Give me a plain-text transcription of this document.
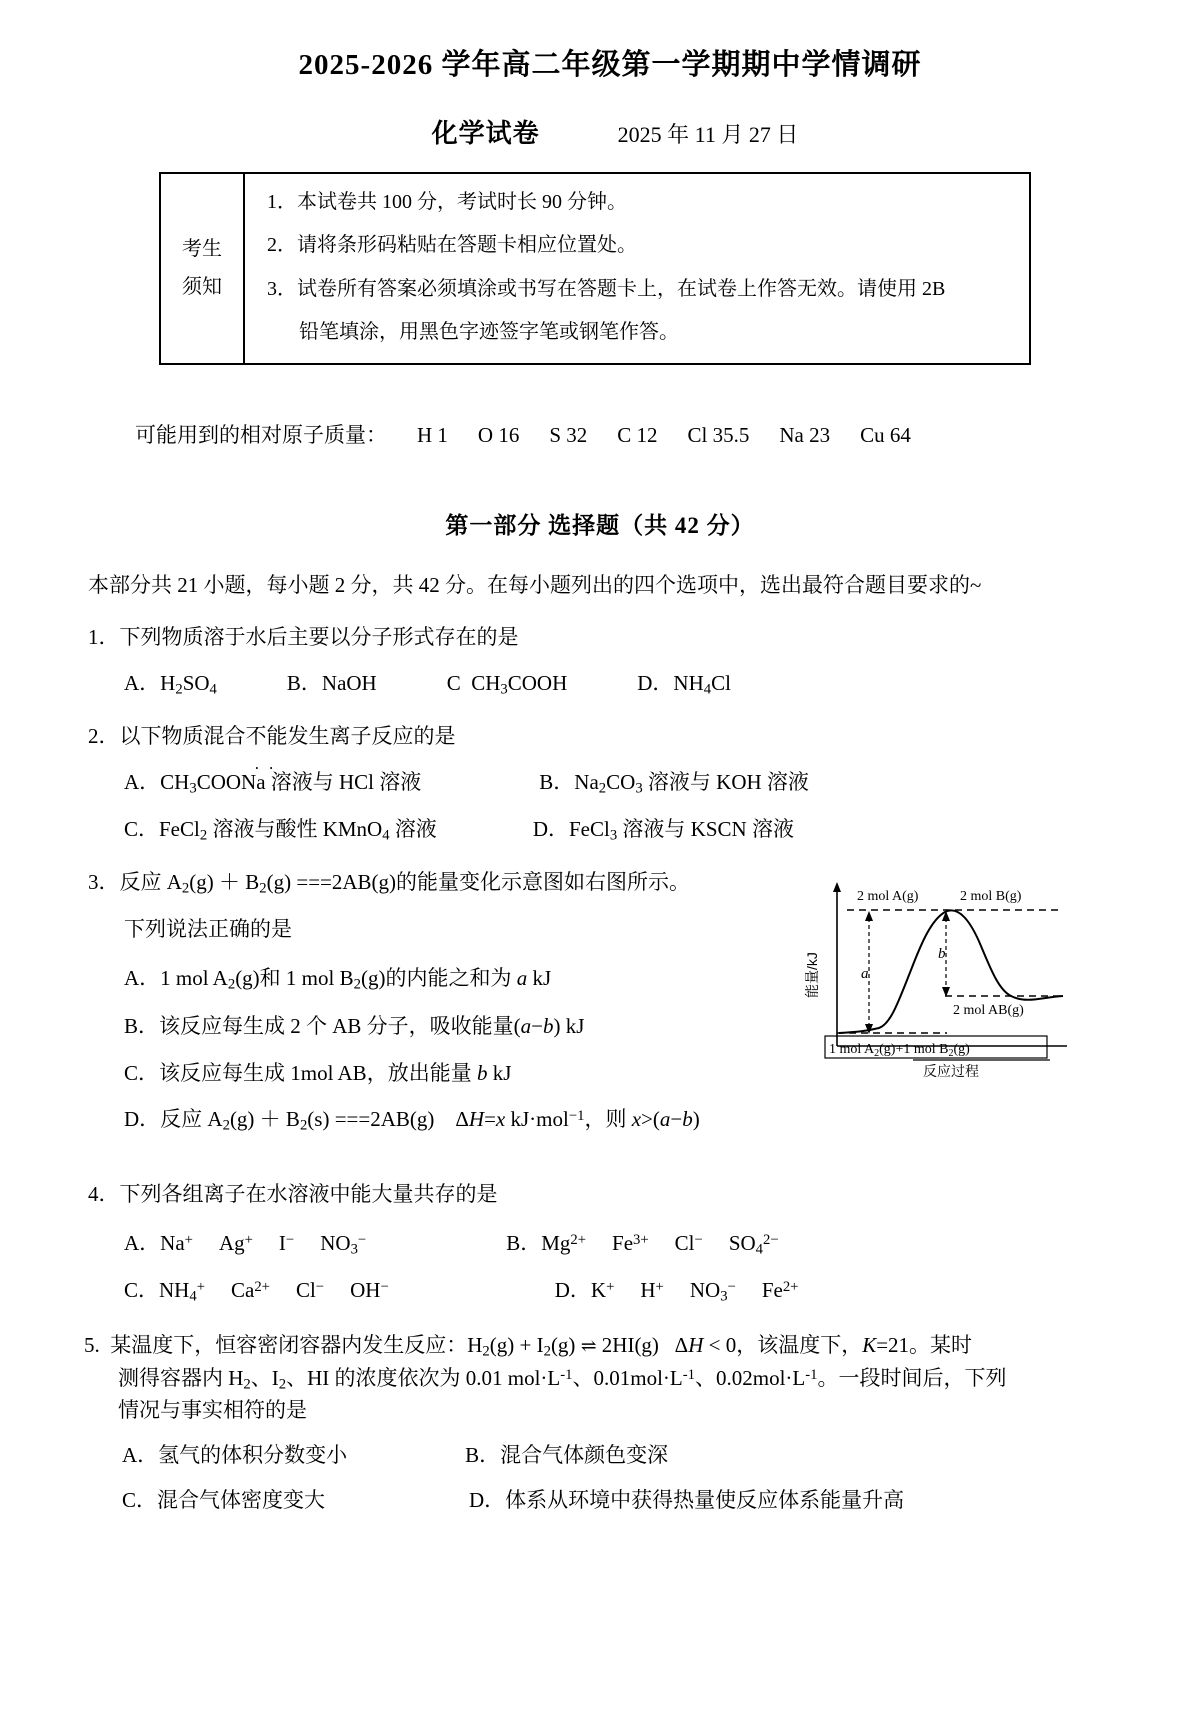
2025-2026 学年高二年级第一学期期中学情调研
化学试卷	2025 年 11 月 27 日
考生
须知
1．本试卷共 100 分，考试时长 90 分钟。
2．请将条形码粘贴在答题卡相应位置处。
3．试卷所有答案必须填涂或书写在答题卡上，在试卷上作答无效。请使用 2B
铅笔填涂，用黑色字迹签字笔或钢笔作答。
可能用到的相对原子质量： H 1 O 16 S 32 C 12 Cl 35.5 Na 23 Cu 64
第一部分 选择题（共 42 分）
本部分共 21 小题，每小题 2 分，共 42 分。在每小题列出的四个选项中，选出最符合题目要求的~
1．下列物质溶于水后主要以分子形式存在的是
A．$H_2SO_4$	B．NaOH	C  $CH_3COOH$	D．$NH_4Cl$
2．以下物质混合不能 ..发生离子反应的是
A．$CH_3COONa$ 溶液与 HCl 溶液	B．$Na_2CO_3$ 溶液与 KOH 溶液
C．FeCl$_2$ 溶液与酸性 KMnO$_4$ 溶液	D．FeCl$_3$ 溶液与 KSCN 溶液
3．反应 $A_2(g) + B_2(g) ===2AB(g)$的能量变化示意图如右图所示。
下列说法正确的是
A．1 mol $A_2(g)$和 1 mol $B_2(g)$的内能之和为 a kJ
B．该反应每生成 2 个 AB 分子，吸收能量(a−b) kJ
C．该反应每生成 1mol AB，放出能量 b kJ
D．反应 $A_2(g) + B_2(s) ===2AB(g)$    ΔH=x kJ·mol$^{-1}$，则 x>(a−b)
a
b
能量/kJ
2 mol A(g)	2 mol B(g)
2 mol AB(g)
1 mol $A_2(g)+1$ mol $B_2(g)$
反应过程
4．下列各组离子在水溶液中能大量共存的是
A．Na+ Ag+ I− $NO_3^-$	B．$Mg^{2+}$ $Fe^{3+}$ Cl− $SO_4^{2-}$
C．$NH_4^+$ $Ca^{2+}$ Cl− OH−	D．K+ H+ $NO_3^-$ $Fe^{2+}$
5.  某温度下，恒容密闭容器内发生反应：$H_2(g) + I_2(g)$ ⇌ 2HI(g)   ΔH < 0，该温度下，K=21。某时
测得容器内 $H_2$、$I_2$、HI 的浓度依次为 0.01 $mol\cdot L^{-1}$、$0.01mol\cdot L^{-1}$、$0.02mol\cdot L^{-1}$。一段时间后，下列
情况与事实相符的是
A．氢气的体积分数变小	B．混合气体颜色变深
C．混合气体密度变大	D．体系从环境中获得热量使反应体系能量升高
